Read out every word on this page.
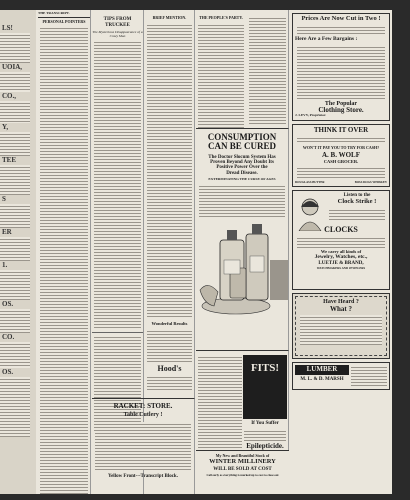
LS!
UOIA,
CO.,
Y,
TEE
S
ER
1.
OS.
CO.
OS.
THE TRANSCRIPT.
PERSONAL POINTERS	TIPS FROM TRUCKEE
The Mysterious Disappearance of a Crazy Man
BRIEF MENTION.
Wonderful Results
Hood's
THE PEOPLE'S PARTY.
CONSUMPTION
CAN BE CURED
The Doctor Slocum System Has
Proven Beyond Any Doubt Its
Positive Power Over the
Dread Disease.
EXTERMINATING THE CURSE OF AGES
FITS!
If You Suffer
Epilepticide.
RACKET: STORE.
Table Cutlery !
Yellow Front---Transcript Block.
My New and Beautiful Stock of
WINTER MILLINERY
WILL BE SOLD AT COST
Call early as everything is marked up to cost to close out
Prices Are Now Cut in Two !
Here Are a Few Bargains :
The Popular
Clothing Store.
J. LEVY, Proprietor.
THINK IT OVER
WON'T IT PAY YOU TO TRY FOR CASH?
A. B. WOLF
CASH GROCER.
DOUGLASS BUTTER	BOSS DOGS WHISKEY
Listen to the
Clock Strike !
CLOCKS
We carry all kinds of
Jewelry, Watches, etc.,
LUETJE & BRAND,
WATCHMAKERS AND JEWELERS
Have Heard ?
What ?
LUMBER
M. L. & D. MARSH
